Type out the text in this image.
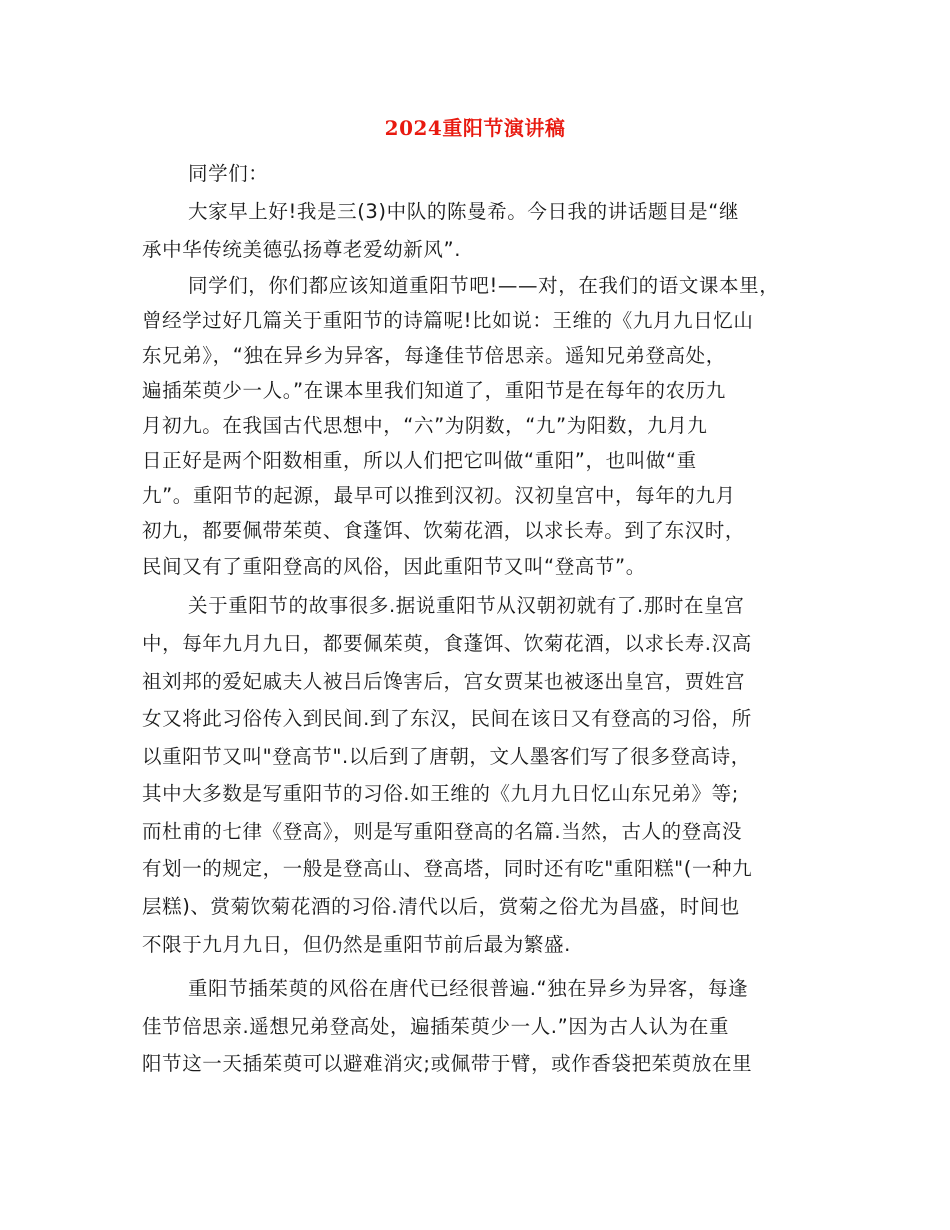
2024重阳节演讲稿
同学们：
大家早上好!我是三(3)中队的陈曼希。今日我的讲话题目是“继
承中华传统美德弘扬尊老爱幼新风”.
同学们，你们都应该知道重阳节吧!——对，在我们的语文课本里，
曾经学过好几篇关于重阳节的诗篇呢!比如说：王维的《九月九日忆山
东兄弟》，“独在异乡为异客，每逢佳节倍思亲。遥知兄弟登高处，
遍插茱萸少一人。”在课本里我们知道了，重阳节是在每年的农历九
月初九。在我国古代思想中，“六”为阴数，“九”为阳数，九月九
日正好是两个阳数相重，所以人们把它叫做“重阳”，也叫做“重
九”。重阳节的起源，最早可以推到汉初。汉初皇宫中，每年的九月
初九，都要佩带茱萸、食蓬饵、饮菊花酒，以求长寿。到了东汉时，
民间又有了重阳登高的风俗，因此重阳节又叫“登高节”。
关于重阳节的故事很多.据说重阳节从汉朝初就有了.那时在皇宫
中，每年九月九日，都要佩茱萸，食蓬饵、饮菊花酒，以求长寿.汉高
祖刘邦的爱妃戚夫人被吕后馋害后，宫女贾某也被逐出皇宫，贾姓宫
女又将此习俗传入到民间.到了东汉，民间在该日又有登高的习俗，所
以重阳节又叫"登高节".以后到了唐朝，文人墨客们写了很多登高诗，
其中大多数是写重阳节的习俗.如王维的《九月九日忆山东兄弟》等;
而杜甫的七律《登高》，则是写重阳登高的名篇.当然，古人的登高没
有划一的规定，一般是登高山、登高塔，同时还有吃"重阳糕"(一种九
层糕)、赏菊饮菊花酒的习俗.清代以后，赏菊之俗尤为昌盛，时间也
不限于九月九日，但仍然是重阳节前后最为繁盛.
重阳节插茱萸的风俗在唐代已经很普遍.“独在异乡为异客，每逢
佳节倍思亲.遥想兄弟登高处，遍插茱萸少一人.”因为古人认为在重
阳节这一天插茱萸可以避难消灾;或佩带于臂，或作香袋把茱萸放在里
